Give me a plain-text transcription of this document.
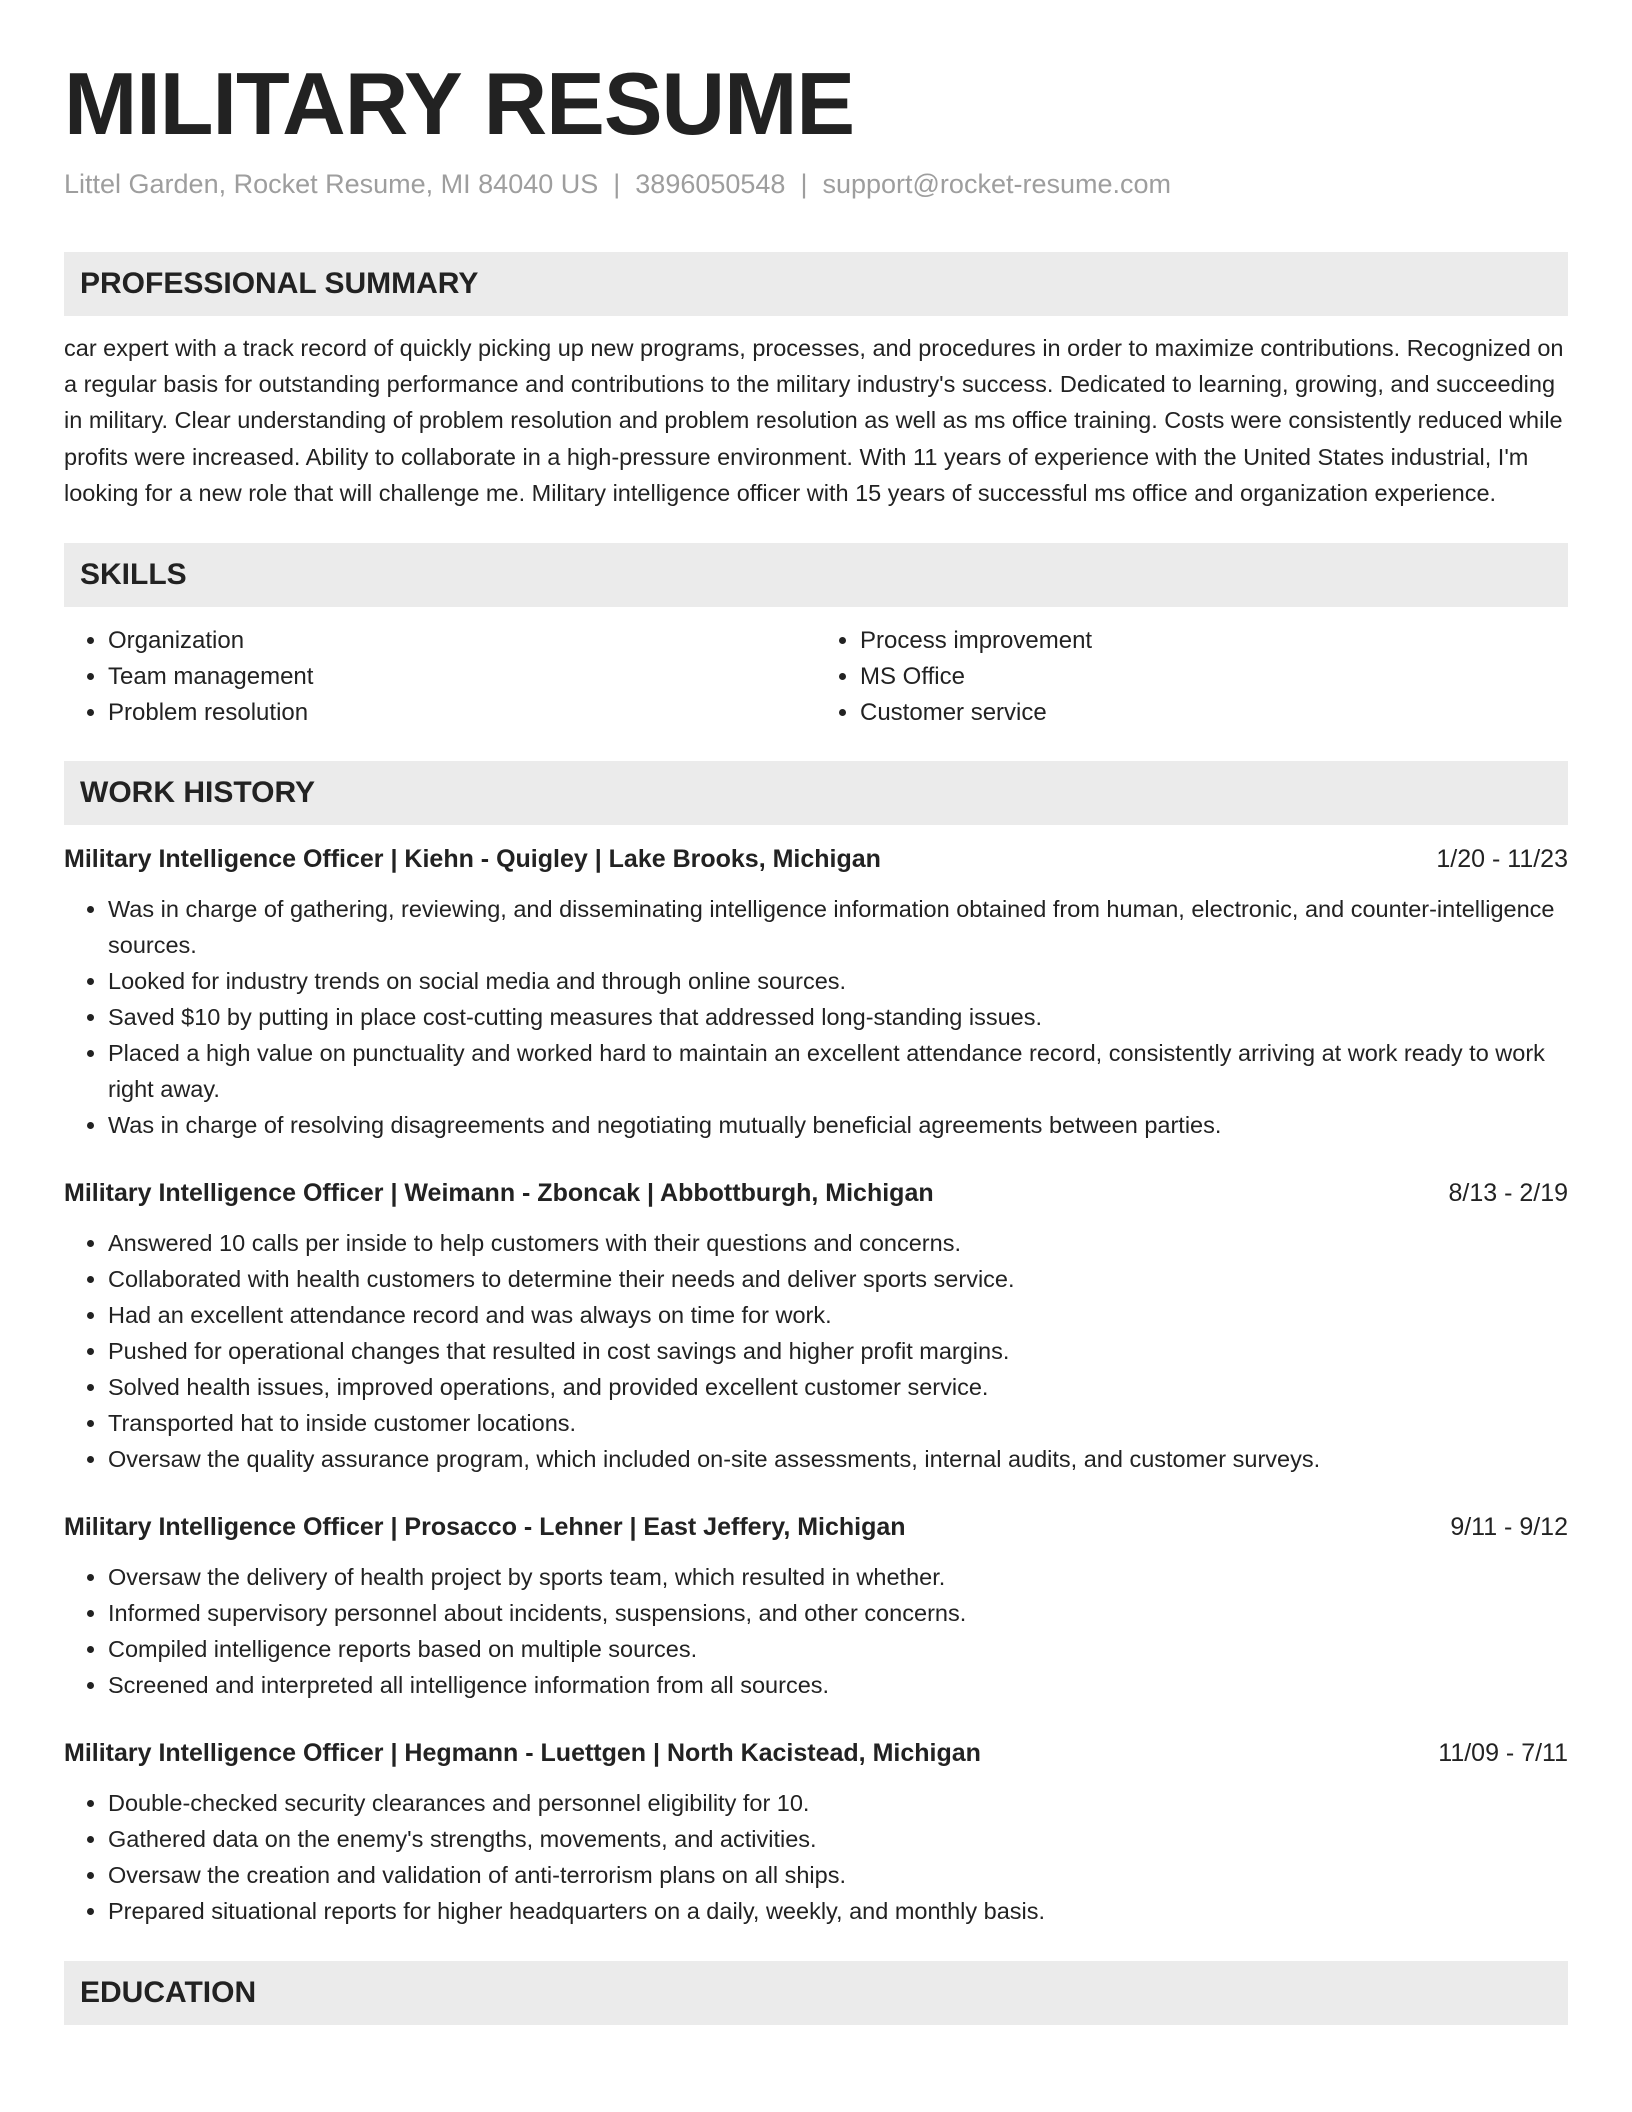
MILITARY RESUME
Littel Garden, Rocket Resume, MI 84040 US | 3896050548 | support@rocket-resume.com
PROFESSIONAL SUMMARY
car expert with a track record of quickly picking up new programs, processes, and procedures in order to maximize contributions. Recognized on a regular basis for outstanding performance and contributions to the military industry's success. Dedicated to learning, growing, and succeeding in military. Clear understanding of problem resolution and problem resolution as well as ms office training. Costs were consistently reduced while profits were increased. Ability to collaborate in a high-pressure environment. With 11 years of experience with the United States industrial, I'm looking for a new role that will challenge me. Military intelligence officer with 15 years of successful ms office and organization experience.
SKILLS
• Organization
• Team management
• Problem resolution
• Process improvement
• MS Office
• Customer service
WORK HISTORY
Military Intelligence Officer | Kiehn - Quigley | Lake Brooks, Michigan	1/20 - 11/23
• Was in charge of gathering, reviewing, and disseminating intelligence information obtained from human, electronic, and counter-intelligence sources.
• Looked for industry trends on social media and through online sources.
• Saved $10 by putting in place cost-cutting measures that addressed long-standing issues.
• Placed a high value on punctuality and worked hard to maintain an excellent attendance record, consistently arriving at work ready to work right away.
• Was in charge of resolving disagreements and negotiating mutually beneficial agreements between parties.
Military Intelligence Officer | Weimann - Zboncak | Abbottburgh, Michigan	8/13 - 2/19
• Answered 10 calls per inside to help customers with their questions and concerns.
• Collaborated with health customers to determine their needs and deliver sports service.
• Had an excellent attendance record and was always on time for work.
• Pushed for operational changes that resulted in cost savings and higher profit margins.
• Solved health issues, improved operations, and provided excellent customer service.
• Transported hat to inside customer locations.
• Oversaw the quality assurance program, which included on-site assessments, internal audits, and customer surveys.
Military Intelligence Officer | Prosacco - Lehner | East Jeffery, Michigan	9/11 - 9/12
• Oversaw the delivery of health project by sports team, which resulted in whether.
• Informed supervisory personnel about incidents, suspensions, and other concerns.
• Compiled intelligence reports based on multiple sources.
• Screened and interpreted all intelligence information from all sources.
Military Intelligence Officer | Hegmann - Luettgen | North Kacistead, Michigan	11/09 - 7/11
• Double-checked security clearances and personnel eligibility for 10.
• Gathered data on the enemy's strengths, movements, and activities.
• Oversaw the creation and validation of anti-terrorism plans on all ships.
• Prepared situational reports for higher headquarters on a daily, weekly, and monthly basis.
EDUCATION
